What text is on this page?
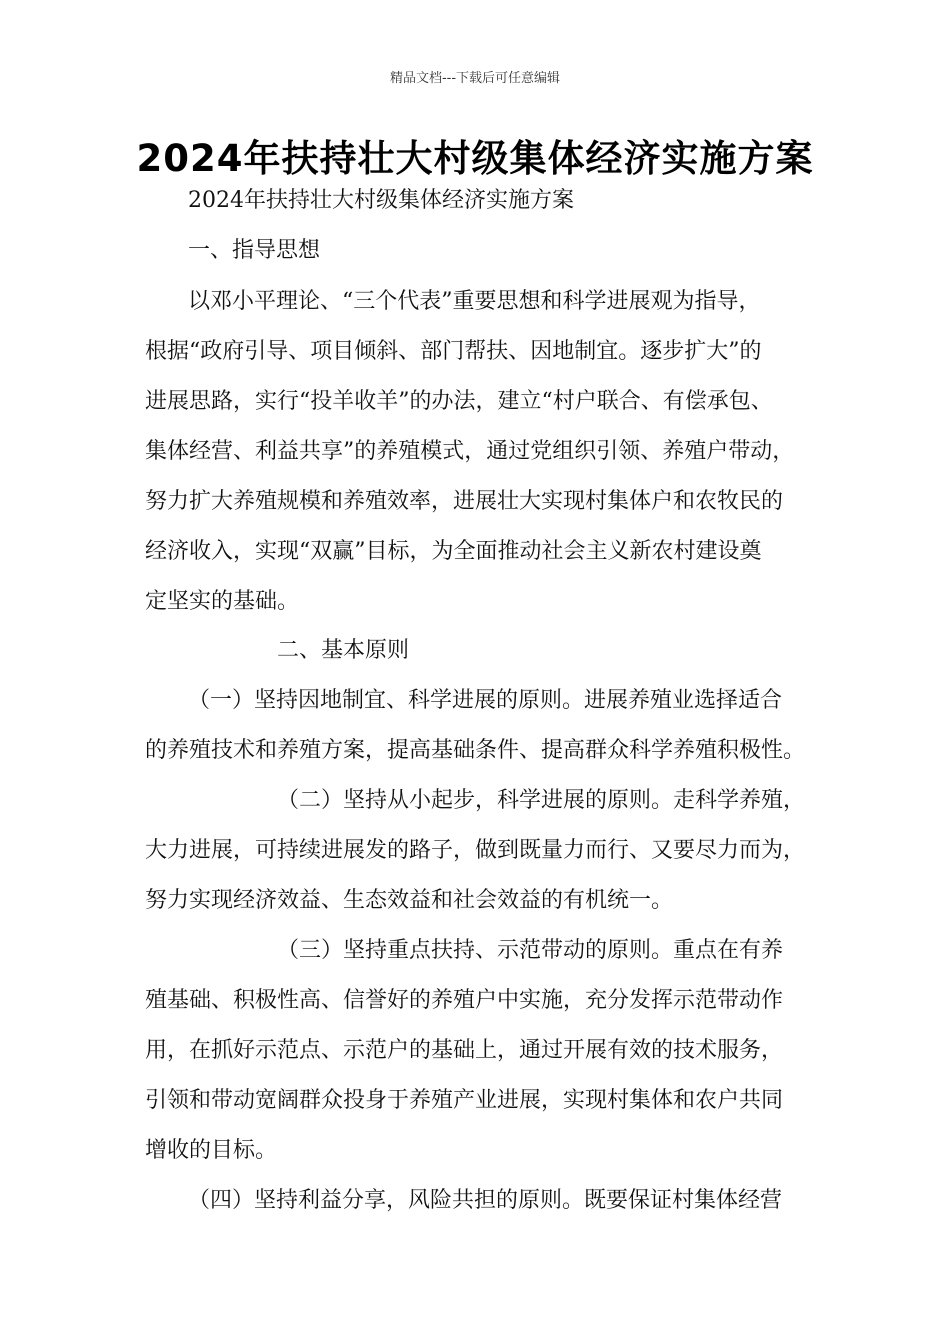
精品文档---下载后可任意编辑
2024年扶持壮大村级集体经济实施方案
2024年扶持壮大村级集体经济实施方案
一、指导思想
以邓小平理论、“三个代表”重要思想和科学进展观为指导，
根据“政府引导、项目倾斜、部门帮扶、因地制宜。逐步扩大”的
进展思路，实行“投羊收羊”的办法，建立“村户联合、有偿承包、
集体经营、利益共享”的养殖模式，通过党组织引领、养殖户带动，
努力扩大养殖规模和养殖效率，进展壮大实现村集体户和农牧民的
经济收入，实现“双赢”目标，为全面推动社会主义新农村建设奠
定坚实的基础。
二、基本原则
（一）坚持因地制宜、科学进展的原则。进展养殖业选择适合
的养殖技术和养殖方案，提高基础条件、提高群众科学养殖积极性。
（二）坚持从小起步，科学进展的原则。走科学养殖，
大力进展，可持续进展发的路子，做到既量力而行、又要尽力而为，
努力实现经济效益、生态效益和社会效益的有机统一。
（三）坚持重点扶持、示范带动的原则。重点在有养
殖基础、积极性高、信誉好的养殖户中实施，充分发挥示范带动作
用，在抓好示范点、示范户的基础上，通过开展有效的技术服务，
引领和带动宽阔群众投身于养殖产业进展，实现村集体和农户共同
增收的目标。
（四）坚持利益分享，风险共担的原则。既要保证村集体经营
